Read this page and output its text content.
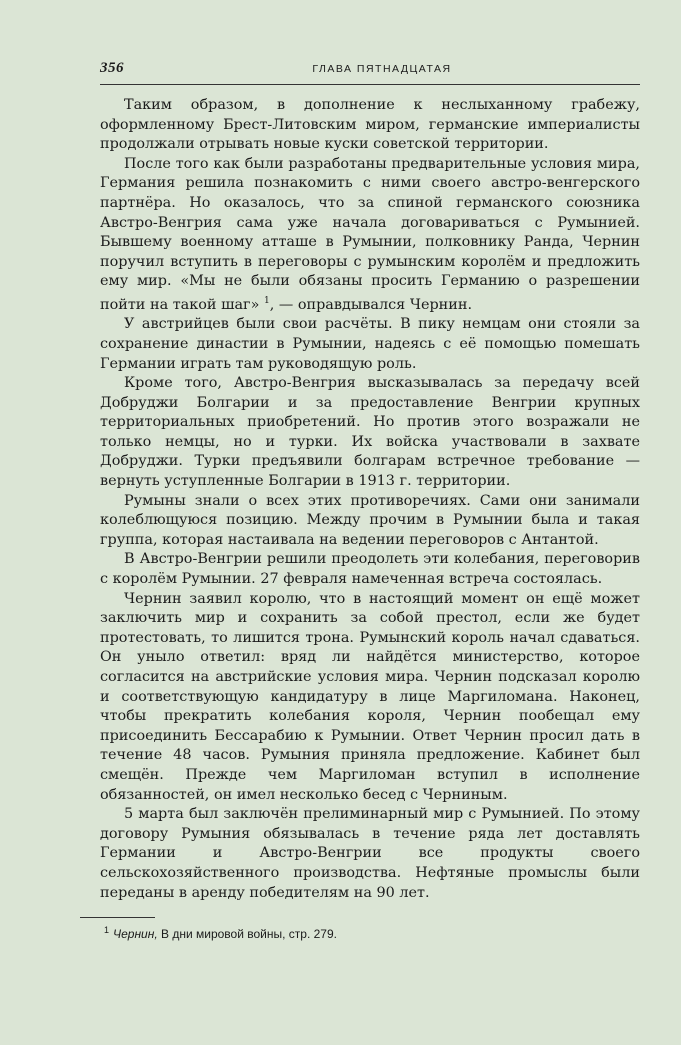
356	ГЛАВА ПЯТНАДЦАТАЯ

Таким образом, в дополнение к неслыханному грабежу, оформленному Брест-Литовским миром, германские империалисты продолжали отрывать новые куски советской территории.

После того как были разработаны предварительные условия мира, Германия решила познакомить с ними своего австро-венгерского партнёра. Но оказалось, что за спиной германского союзника Австро-Венгрия сама уже начала договариваться с Румынией. Бывшему военному атташе в Румынии, полковнику Ранда, Чернин поручил вступить в переговоры с румынским королём и предложить ему мир. «Мы не были обязаны просить Германию о разрешении пойти на такой шаг» $^1$, — оправдывался Чернин.

У австрийцев были свои расчёты. В пику немцам они стояли за сохранение династии в Румынии, надеясь с её помощью помешать Германии играть там руководящую роль.

Кроме того, Австро-Венгрия высказывалась за передачу всей Добруджи Болгарии и за предоставление Венгрии крупных территориальных приобретений. Но против этого возражали не только немцы, но и турки. Их войска участвовали в захвате Добруджи. Турки предъявили болгарам встречное требование — вернуть уступленные Болгарии в 1913 г. территории.

Румыны знали о всех этих противоречиях. Сами они занимали колеблющуюся позицию. Между прочим в Румынии была и такая группа, которая настаивала на ведении переговоров с Антантой.

В Австро-Венгрии решили преодолеть эти колебания, переговорив с королём Румынии. 27 февраля намеченная встреча состоялась.

Чернин заявил королю, что в настоящий момент он ещё может заключить мир и сохранить за собой престол, если же будет протестовать, то лишится трона. Румынский король начал сдаваться. Он уныло ответил: вряд ли найдётся министерство, которое согласится на австрийские условия мира. Чернин подсказал королю и соответствующую кандидатуру в лице Маргиломана. Наконец, чтобы прекратить колебания короля, Чернин пообещал ему присоединить Бессарабию к Румынии. Ответ Чернин просил дать в течение 48 часов. Румыния приняла предложение. Кабинет был смещён. Прежде чем Маргиломан вступил в исполнение обязанностей, он имел несколько бесед с Черниным.

5 марта был заключён прелиминарный мир с Румынией. По этому договору Румыния обязывалась в течение ряда лет доставлять Германии и Австро-Венгрии все продукты своего сельскохозяйственного производства. Нефтяные промыслы были переданы в аренду победителям на 90 лет.

$^1$ Чернин, В дни мировой войны, стр. 279.
